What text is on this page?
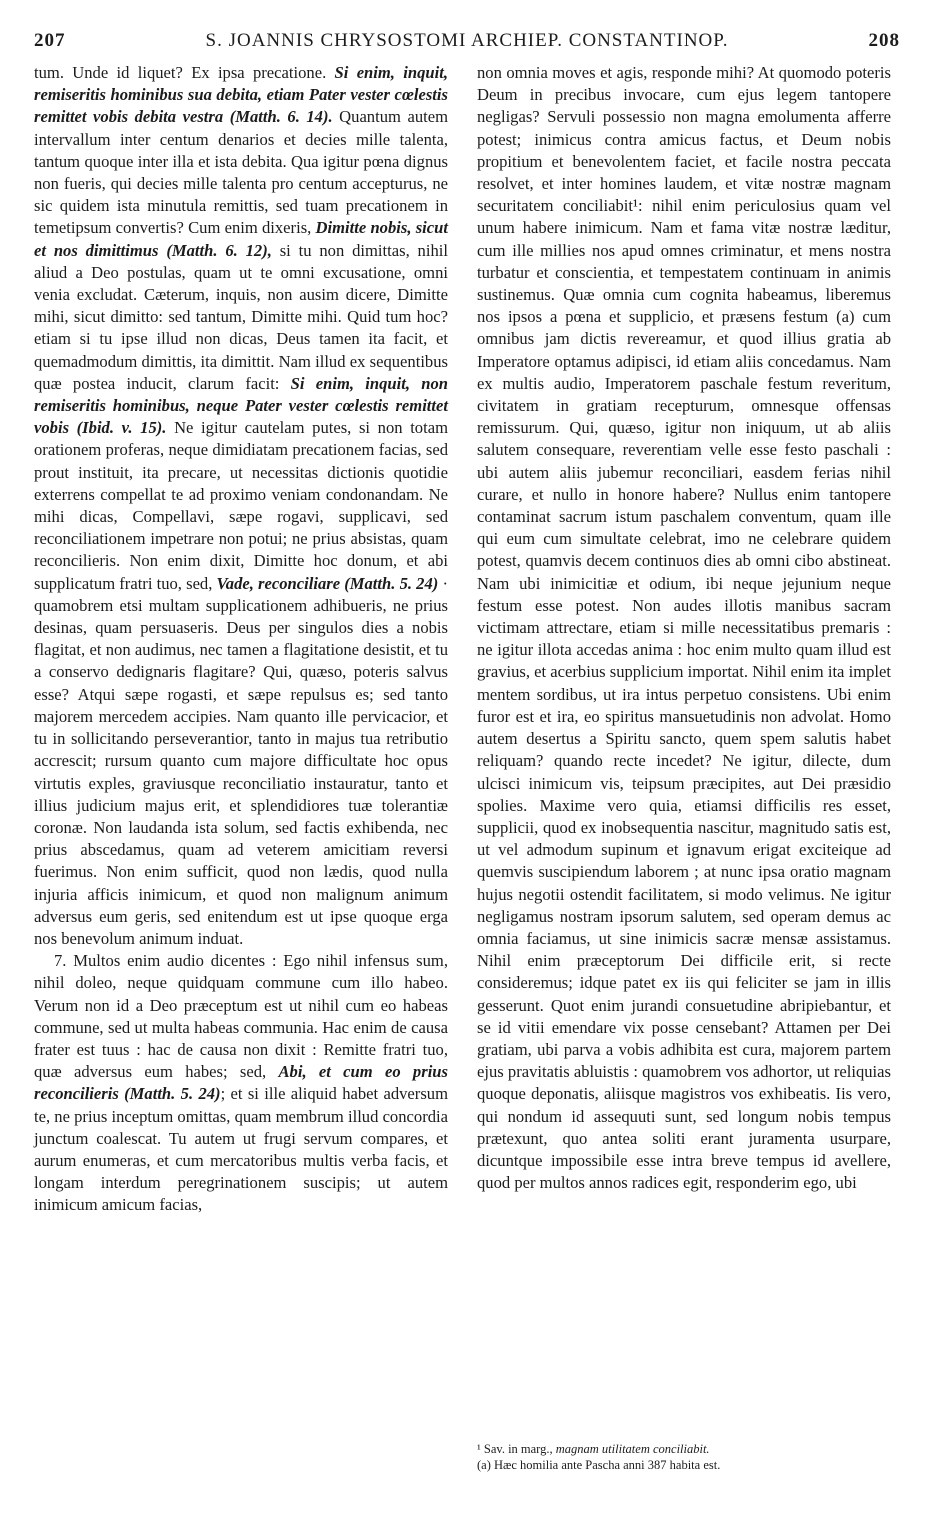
207	S. JOANNIS CHRYSOSTOMI ARCHIEP. CONSTANTINOP.	208

tum. Unde id liquet? Ex ipsa precatione. Si enim, inquit, remiseritis hominibus sua debita, etiam Pater vester cœlestis remittet vobis debita vestra (Matth. 6. 14). Quantum autem intervallum inter centum denarios et decies mille talenta, tantum quoque inter illa et ista debita. Qua igitur pœna dignus non fueris, qui decies mille talenta pro centum accepturus, ne sic quidem ista minutula remittis, sed tuam precationem in temetipsum convertis? Cum enim dixeris, Dimitte nobis, sicut et nos dimittimus (Matth. 6. 12), si tu non dimittas, nihil aliud a Deo postulas, quam ut te omni excusatione, omni venia excludat. Cæterum, inquis, non ausim dicere, Dimitte mihi, sicut dimitto: sed tantum, Dimitte mihi. Quid tum hoc? etiam si tu ipse illud non dicas, Deus tamen ita facit, et quemadmodum dimittis, ita dimittit. Nam illud ex sequentibus quæ postea inducit, clarum facit: Si enim, inquit, non remiseritis hominibus, neque Pater vester cœlestis remittet vobis (Ibid. v. 15). Ne igitur cautelam putes, si non totam orationem proferas, neque dimidiatam precationem facias, sed prout instituit, ita precare, ut necessitas dictionis quotidie exterrens compellat te ad proximo veniam condonandam. Ne mihi dicas, Compellavi, sæpe rogavi, supplicavi, sed reconciliationem impetrare non potui; ne prius absistas, quam reconcilieris. Non enim dixit, Dimitte hoc donum, et abi supplicatum fratri tuo, sed, Vade, reconciliare (Matth. 5. 24) · quamobrem etsi multam supplicationem adhibueris, ne prius desinas, quam persuaseris. Deus per singulos dies a nobis flagitat, et non audimus, nec tamen a flagitatione desistit, et tu a conservo dedignaris flagitare? Qui, quæso, poteris salvus esse? Atqui sæpe rogasti, et sæpe repulsus es; sed tanto majorem mercedem accipies. Nam quanto ille pervicacior, et tu in sollicitando perseverantior, tanto in majus tua retributio accrescit; rursum quanto cum majore difficultate hoc opus virtutis exples, graviusque reconciliatio instauratur, tanto et illius judicium majus erit, et splendidiores tuæ tolerantiæ coronæ. Non laudanda ista solum, sed factis exhibenda, nec prius abscedamus, quam ad veterem amicitiam reversi fuerimus. Non enim sufficit, quod non lædis, quod nulla injuria afficis inimicum, et quod non malignum animum adversus eum geris, sed enitendum est ut ipse quoque erga nos benevolum animum induat.

7. Multos enim audio dicentes : Ego nihil infensus sum, nihil doleo, neque quidquam commune cum illo habeo. Verum non id a Deo præceptum est ut nihil cum eo habeas commune, sed ut multa habeas communia. Hac enim de causa frater est tuus : hac de causa non dixit : Remitte fratri tuo, quæ adversus eum habes; sed, Abi, et cum eo prius reconcilieris (Matth. 5. 24); et si ille aliquid habet adversum te, ne prius inceptum omittas, quam membrum illud concordia junctum coalescat. Tu autem ut frugi servum compares, et aurum enumeras, et cum mercatoribus multis verba facis, et longam interdum peregrinationem suscipis; ut autem inimicum amicum facias,

non omnia moves et agis, responde mihi? At quomodo poteris Deum in precibus invocare, cum ejus legem tantopere negligas? Servuli possessio non magna emolumenta afferre potest; inimicus contra amicus factus, et Deum nobis propitium et benevolentem faciet, et facile nostra peccata resolvet, et inter homines laudem, et vitæ nostræ magnam securitatem conciliabit¹: nihil enim periculosius quam vel unum habere inimicum. Nam et fama vitæ nostræ læditur, cum ille millies nos apud omnes criminatur, et mens nostra turbatur et conscientia, et tempestatem continuam in animis sustinemus. Quæ omnia cum cognita habeamus, liberemus nos ipsos a pœna et supplicio, et præsens festum (a) cum omnibus jam dictis revereamur, et quod illius gratia ab Imperatore optamus adipisci, id etiam aliis concedamus. Nam ex multis audio, Imperatorem paschale festum reveritum, civitatem in gratiam recepturum, omnesque offensas remissurum. Qui, quæso, igitur non iniquum, ut ab aliis salutem consequare, reverentiam velle esse festo paschali : ubi autem aliis jubemur reconciliari, easdem ferias nihil curare, et nullo in honore habere? Nullus enim tantopere contaminat sacrum istum paschalem conventum, quam ille qui eum cum simultate celebrat, imo ne celebrare quidem potest, quamvis decem continuos dies ab omni cibo abstineat. Nam ubi inimicitiæ et odium, ibi neque jejunium neque festum esse potest. Non audes illotis manibus sacram victimam attrectare, etiam si mille necessitatibus premaris : ne igitur illota accedas anima : hoc enim multo quam illud est gravius, et acerbius supplicium importat. Nihil enim ita implet mentem sordibus, ut ira intus perpetuo consistens. Ubi enim furor est et ira, eo spiritus mansuetudinis non advolat. Homo autem desertus a Spiritu sancto, quem spem salutis habet reliquam? quando recte incedet? Ne igitur, dilecte, dum ulcisci inimicum vis, teipsum præcipites, aut Dei præsidio spolies. Maxime vero quia, etiamsi difficilis res esset, supplicii, quod ex inobsequentia nascitur, magnitudo satis est, ut vel admodum supinum et ignavum erigat exciteique ad quemvis suscipiendum laborem ; at nunc ipsa oratio magnam hujus negotii ostendit facilitatem, si modo velimus. Ne igitur negligamus nostram ipsorum salutem, sed operam demus ac omnia faciamus, ut sine inimicis sacræ mensæ assistamus. Nihil enim præceptorum Dei difficile erit, si recte consideremus; idque patet ex iis qui feliciter se jam in illis gesserunt. Quot enim jurandi consuetudine abripiebantur, et se id vitii emendare vix posse censebant? Attamen per Dei gratiam, ubi parva a vobis adhibita est cura, majorem partem ejus pravitatis abluistis : quamobrem vos adhortor, ut reliquias quoque deponatis, aliisque magistros vos exhibeatis. Iis vero, qui nondum id assequuti sunt, sed longum nobis tempus prætexunt, quo antea soliti erant juramenta usurpare, dicuntque impossibile esse intra breve tempus id avellere, quod per multos annos radices egit, responderim ego, ubi

¹ Sav. in marg., magnam utilitatem conciliabit.
(a) Hæc homilia ante Pascha anni 387 habita est.
